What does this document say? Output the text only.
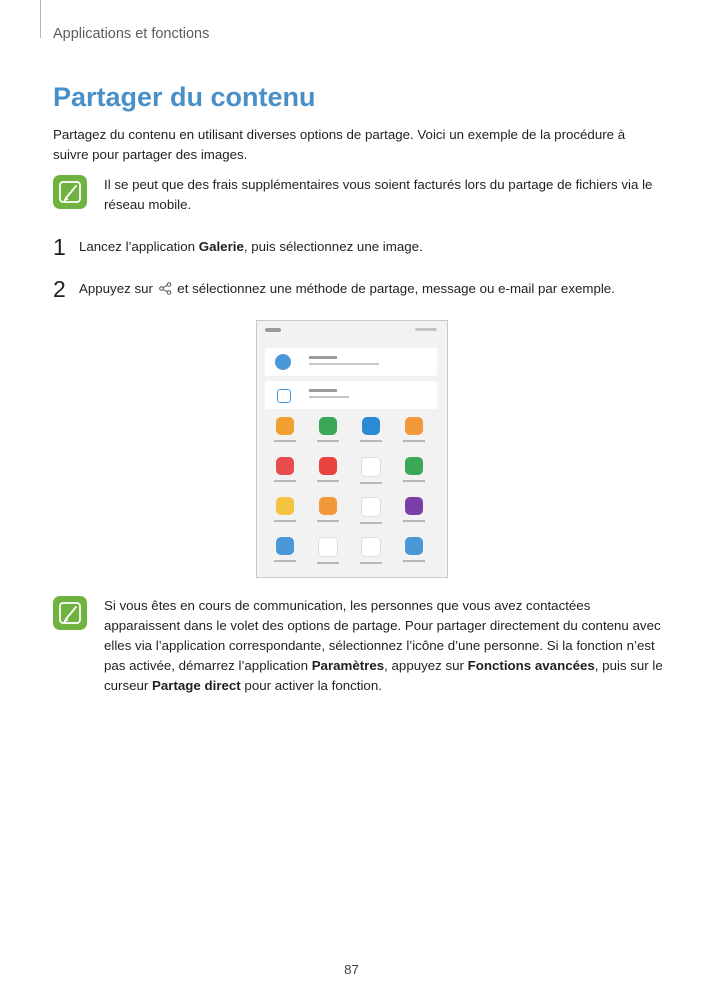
Applications et fonctions
Partager du contenu

Partagez du contenu en utilisant diverses options de partage. Voici un exemple de la procédure à suivre pour partager des images.

Il se peut que des frais supplémentaires vous soient facturés lors du partage de fichiers via le réseau mobile.
1 Lancez l’application Galerie, puis sélectionnez une image.
2 Appuyez sur  et sélectionnez une méthode de partage, message ou e-mail par exemple.
Si vous êtes en cours de communication, les personnes que vous avez contactées apparaissent dans le volet des options de partage. Pour partager directement du contenu avec elles via l’application correspondante, sélectionnez l’icône d’une personne. Si la fonction n’est pas activée, démarrez l’application Paramètres, appuyez sur Fonctions avancées, puis sur le curseur Partage direct pour activer la fonction.
87
